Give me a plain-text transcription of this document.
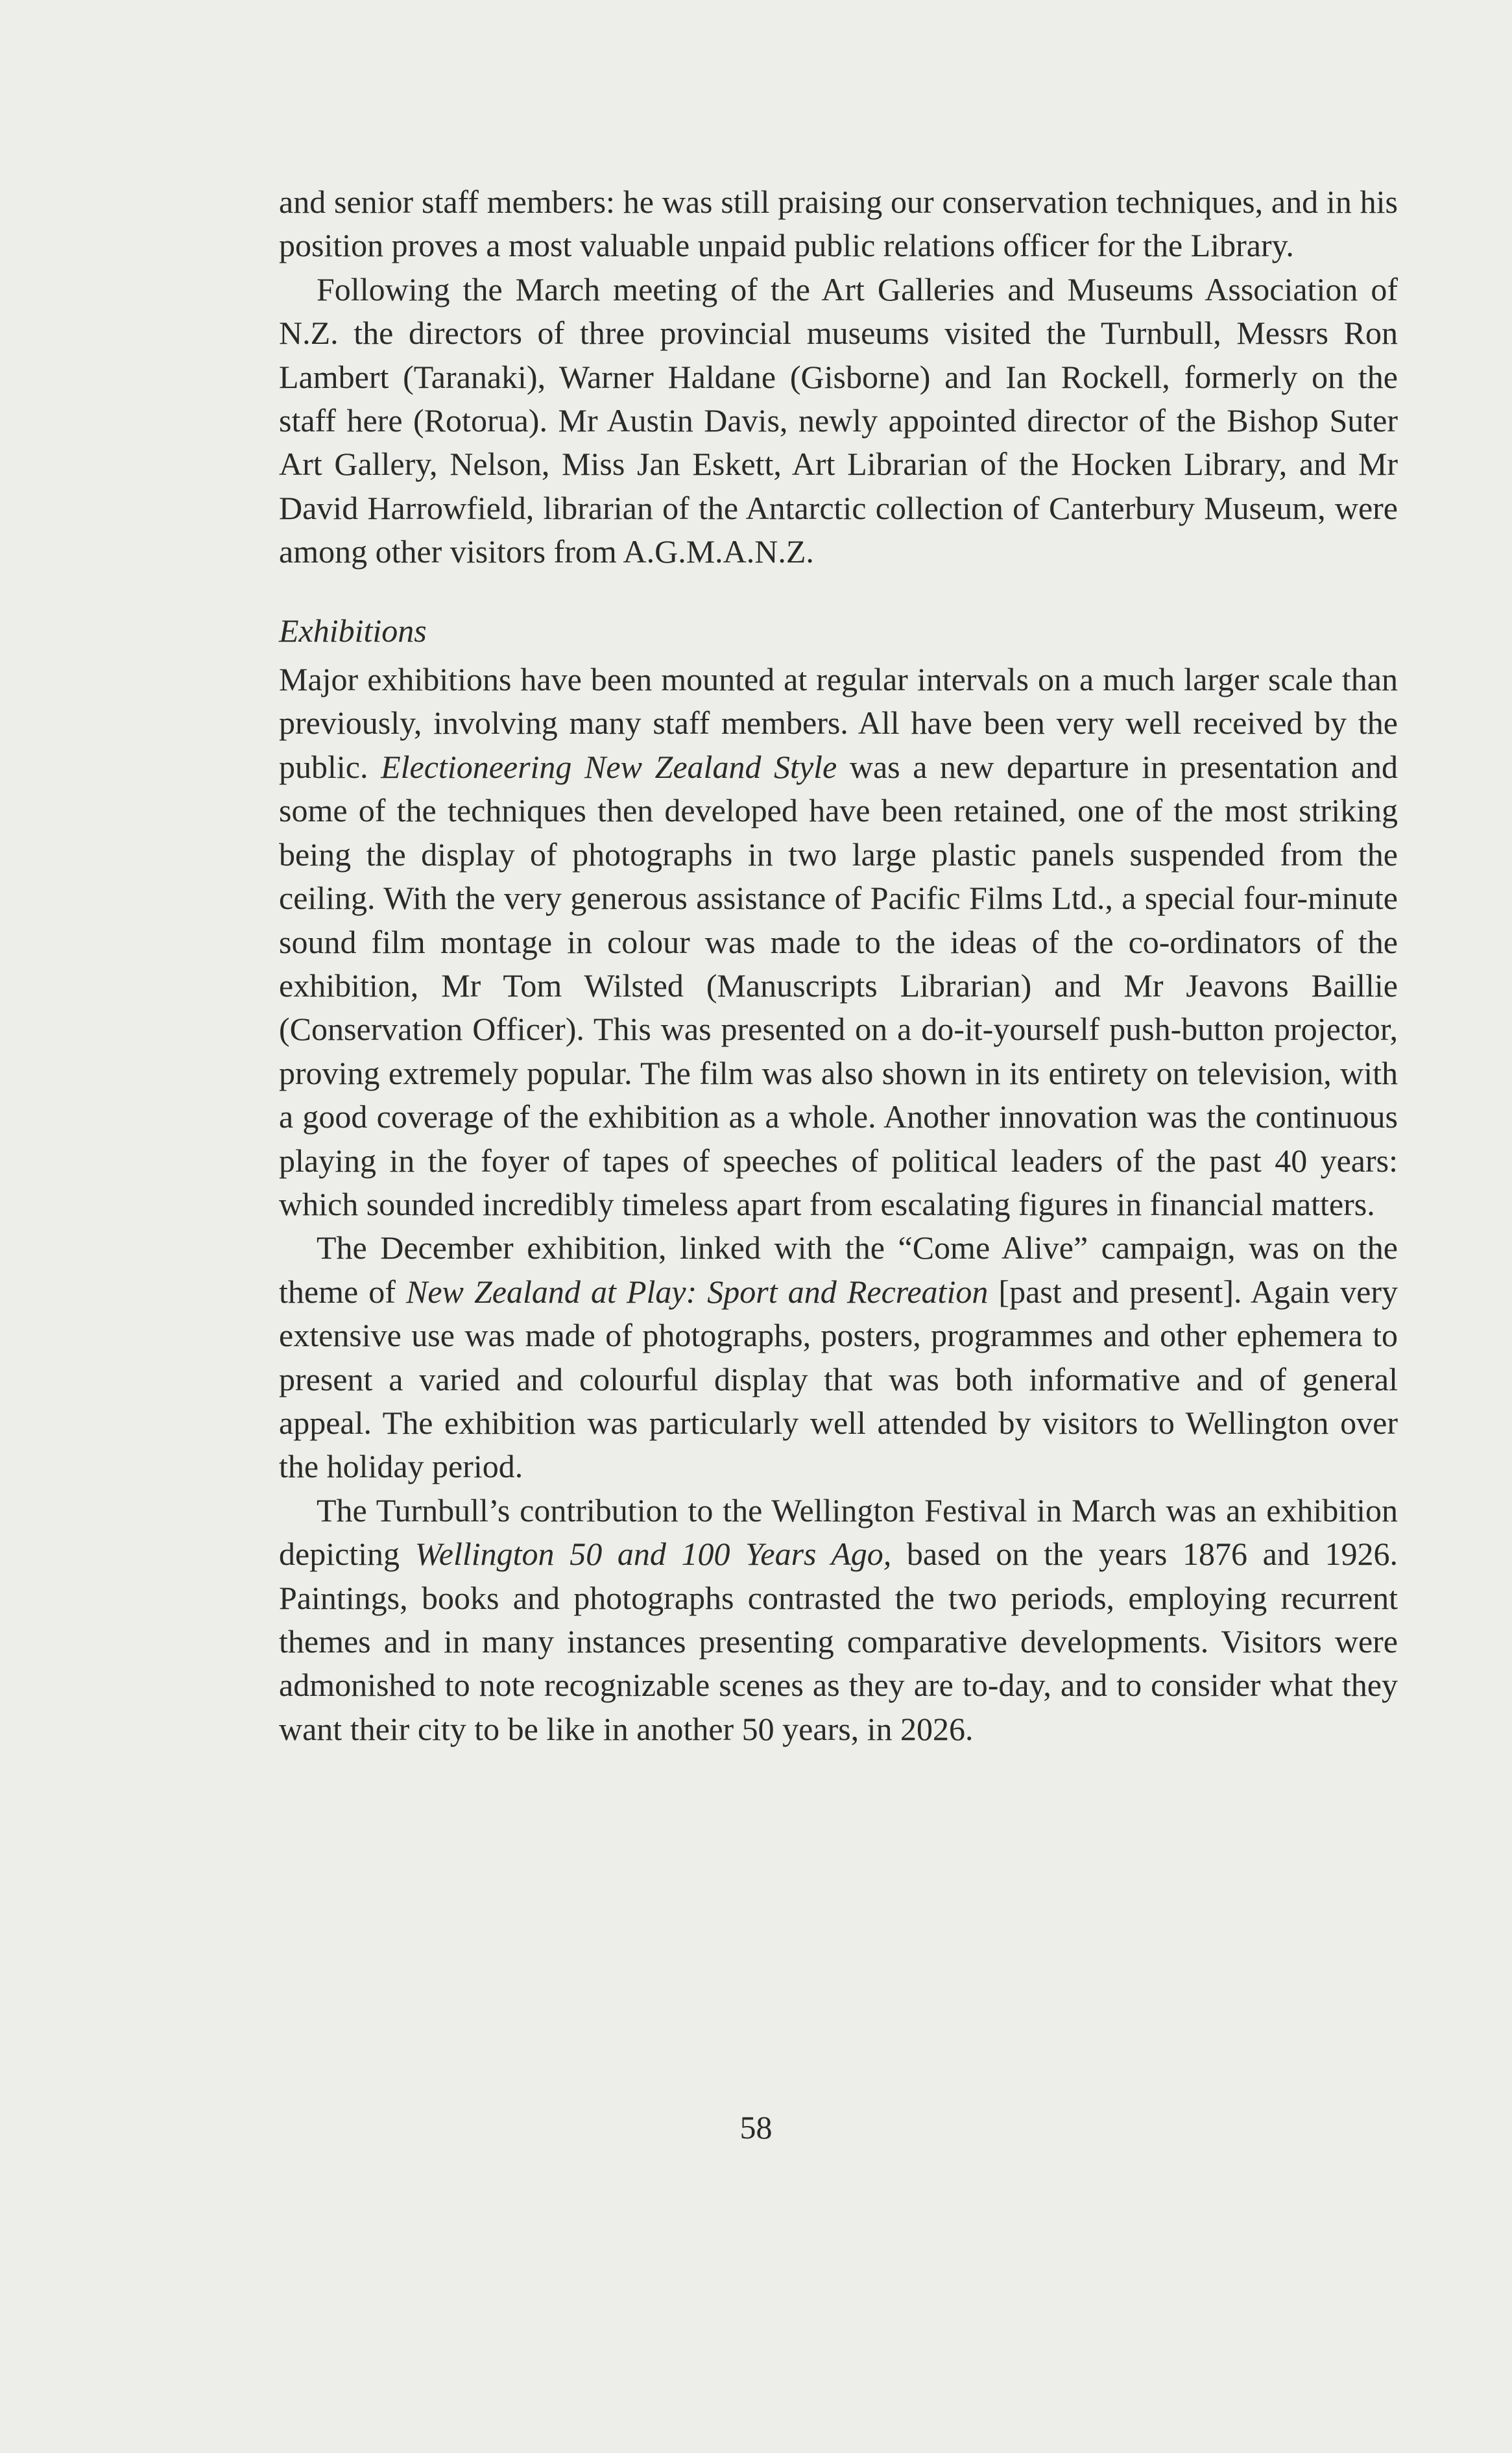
and senior staff members: he was still praising our conservation techniques, and in his position proves a most valuable unpaid public relations officer for the Library.

Following the March meeting of the Art Galleries and Museums Association of N.Z. the directors of three provincial museums visited the Turnbull, Messrs Ron Lambert (Taranaki), Warner Haldane (Gisborne) and Ian Rockell, formerly on the staff here (Rotorua). Mr Austin Davis, newly appointed director of the Bishop Suter Art Gallery, Nelson, Miss Jan Eskett, Art Librarian of the Hocken Library, and Mr David Harrowfield, librarian of the Antarctic collection of Canterbury Museum, were among other visitors from A.G.M.A.N.Z.

Exhibitions

Major exhibitions have been mounted at regular intervals on a much larger scale than previously, involving many staff members. All have been very well received by the public. Electioneering New Zealand Style was a new departure in presentation and some of the techniques then developed have been retained, one of the most striking being the display of photographs in two large plastic panels suspended from the ceiling. With the very generous assistance of Pacific Films Ltd., a special four-minute sound film montage in colour was made to the ideas of the co-ordinators of the exhibition, Mr Tom Wilsted (Manuscripts Librarian) and Mr Jeavons Baillie (Conservation Officer). This was presented on a do-it-yourself push-button projector, proving extremely popular. The film was also shown in its entirety on television, with a good coverage of the exhibition as a whole. Another innovation was the continuous playing in the foyer of tapes of speeches of political leaders of the past 40 years: which sounded incredibly timeless apart from escalating figures in financial matters.

The December exhibition, linked with the “Come Alive” campaign, was on the theme of New Zealand at Play: Sport and Recreation [past and present]. Again very extensive use was made of photographs, posters, programmes and other ephemera to present a varied and colourful display that was both informative and of general appeal. The exhibition was particularly well attended by visitors to Wellington over the holiday period.

The Turnbull’s contribution to the Wellington Festival in March was an exhibition depicting Wellington 50 and 100 Years Ago, based on the years 1876 and 1926. Paintings, books and photographs contrasted the two periods, employing recurrent themes and in many instances presenting comparative developments. Visitors were admonished to note recognizable scenes as they are to-day, and to consider what they want their city to be like in another 50 years, in 2026.

58
